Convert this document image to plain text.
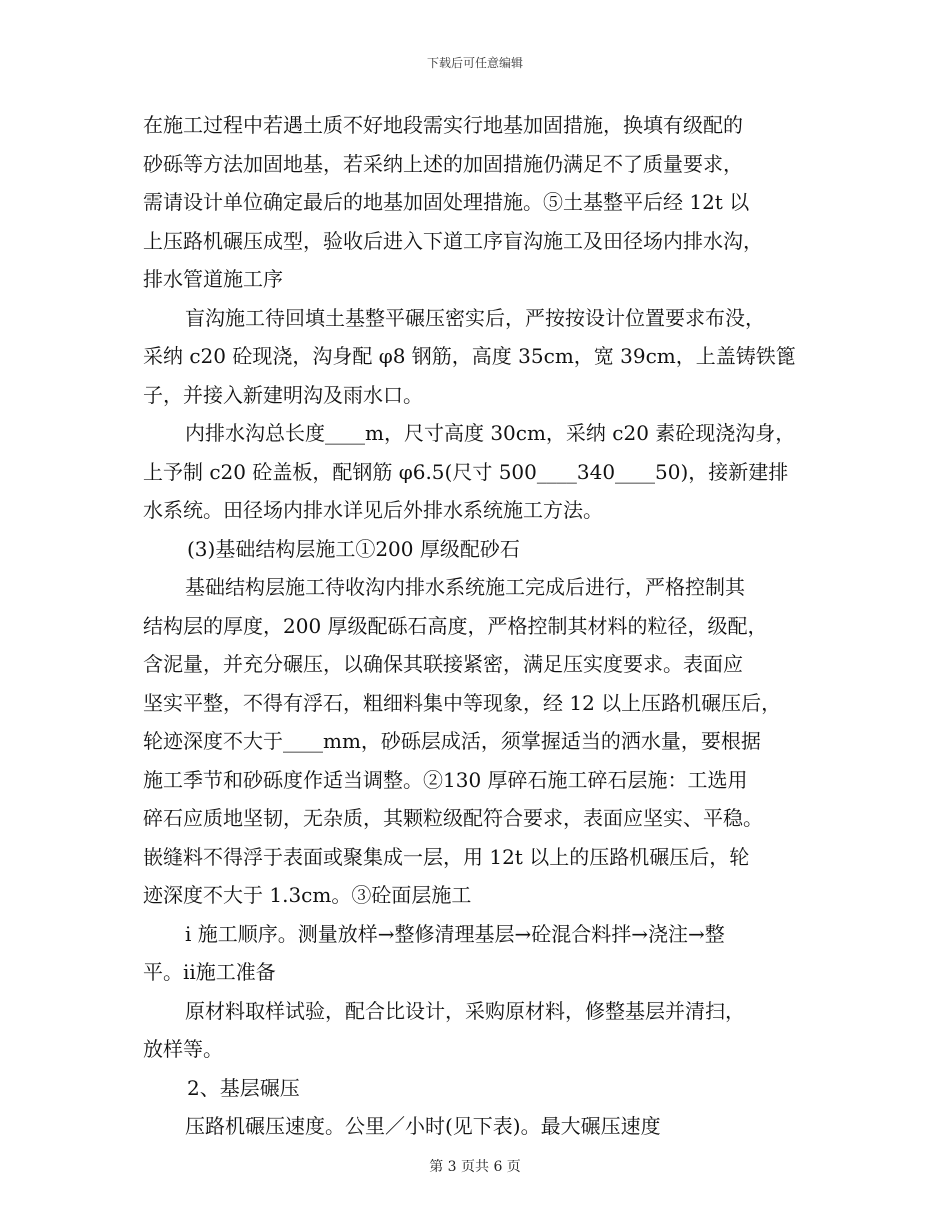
下载后可任意编辑
在施工过程中若遇土质不好地段需实行地基加固措施，换填有级配的
砂砾等方法加固地基，若采纳上述的加固措施仍满足不了质量要求，
需请设计单位确定最后的地基加固处理措施。⑤土基整平后经 12t 以
上压路机碾压成型，验收后进入下道工序盲沟施工及田径场内排水沟，
排水管道施工序
盲沟施工待回填土基整平碾压密实后，严按按设计位置要求布没，
采纳 c20 砼现浇，沟身配 φ8 钢筋，高度 35cm，宽 39cm，上盖铸铁篦
子，并接入新建明沟及雨水口。
内排水沟总长度____m，尺寸高度 30cm，采纳 c20 素砼现浇沟身，
上予制 c20 砼盖板，配钢筋 φ6.5(尺寸 500____340____50)，接新建排
水系统。田径场内排水详见后外排水系统施工方法。
(3)基础结构层施工①200 厚级配砂石
基础结构层施工待收沟内排水系统施工完成后进行，严格控制其
结构层的厚度，200 厚级配砾石高度，严格控制其材料的粒径，级配，
含泥量，并充分碾压，以确保其联接紧密，满足压实度要求。表面应
坚实平整，不得有浮石，粗细料集中等现象，经 12 以上压路机碾压后，
轮迹深度不大于____mm，砂砾层成活，须掌握适当的洒水量，要根据
施工季节和砂砾度作适当调整。②130 厚碎石施工碎石层施：工选用
碎石应质地坚韧，无杂质，其颗粒级配符合要求，表面应坚实、平稳。
嵌缝料不得浮于表面或聚集成一层，用 12t 以上的压路机碾压后，轮
迹深度不大于 1.3cm。③砼面层施工
ⅰ 施工顺序。测量放样→整修清理基层→砼混合料拌→浇注→整
平。ⅱ施工准备
原材料取样试验，配合比设计，采购原材料，修整基层并清扫，
放样等。
2、基层碾压
压路机碾压速度。公里／小时(见下表)。最大碾压速度
第 3 页共 6 页
